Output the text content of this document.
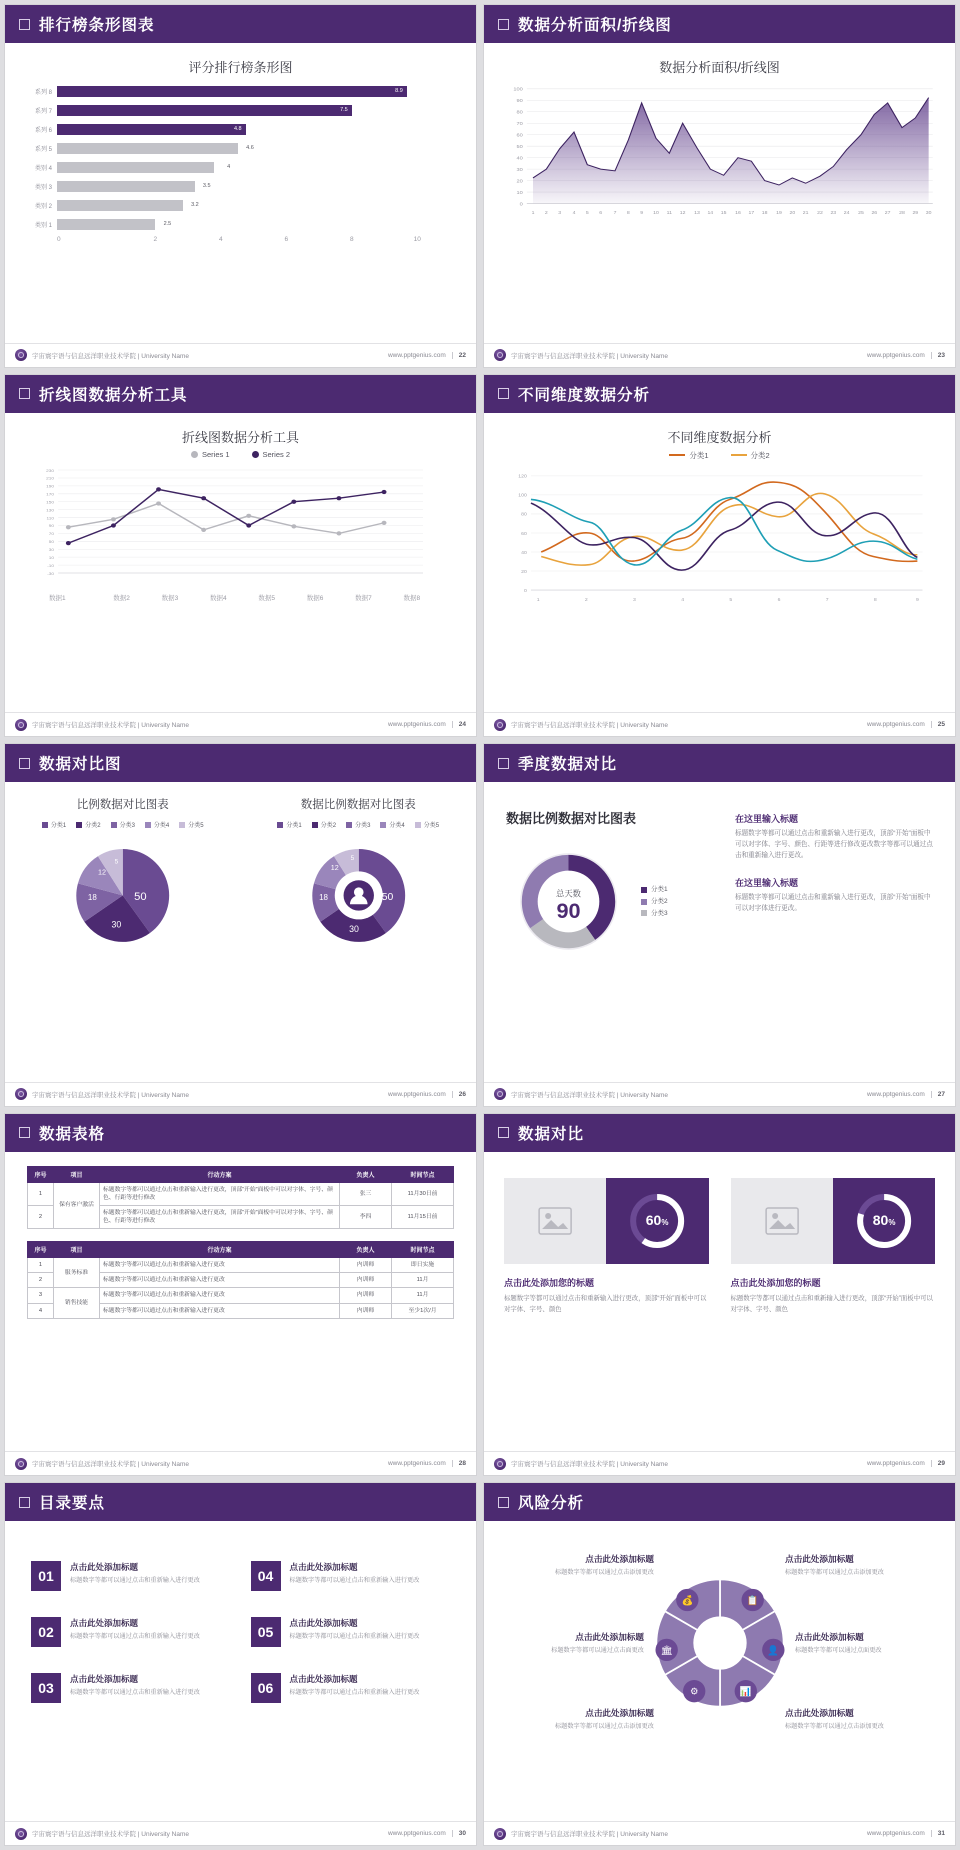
排行榜条形图表
评分排行榜条形图
系列 8	8.9
系列 7	7.5
系列 6	4.8
系列 5	4.6
类别 4	4
类别 3	3.5
类别 2	3.2
类别 1	2.5
0	2	4	6	8	10
宇宙寰宇语与信息远洋职业技术学院 | University Name	www.pptgenius.com	22
数据分析面积/折线图
数据分析面积/折线图
100
90
80
70
60
50
40
30
20
10
0
1 2 3 4 5 6 7 8 9 10 11 12 13 14 15 16 17 18 19 20 21 22 23 24 25 26 27 28 29 30
宇宙寰宇语与信息远洋职业技术学院 | University Name	www.pptgenius.com	23
折线图数据分析工具
折线图数据分析工具
Series 1	Series 2
230
210
190
170
150
130
110
90
70
50
30
10
-10
-30
数据1	数据2	数据3	数据4	数据5	数据6	数据7	数据8
宇宙寰宇语与信息远洋职业技术学院 | University Name	www.pptgenius.com	24
不同维度数据分析
不同维度数据分析
分类1	分类2
120
100
80
60
40
20
0
1	2	3	4	5	6	7	8	9
宇宙寰宇语与信息远洋职业技术学院 | University Name	www.pptgenius.com	25
数据对比图
比例数据对比图表
分类1	分类2	分类3	分类4	分类5
50
30
18
12
5
数据比例数据对比图表
分类1	分类2	分类3	分类4	分类5
50
30
18
12
5
宇宙寰宇语与信息远洋职业技术学院 | University Name	www.pptgenius.com	26
季度数据对比
数据比例数据对比图表
总天数
90
分类1
分类2
分类3
在这里输入标题

标题数字等都可以通过点击和重新输入进行更改，顶部“开始”面板中可以对字体、字号、颜色、行距等进行修改更改数字等都可以通过点击和重新输入进行更改。

在这里输入标题

标题数字等都可以通过点击和重新输入进行更改，顶部“开始”面板中可以对字体进行更改。

宇宙寰宇语与信息远洋职业技术学院 | University Name	www.pptgenius.com	27
数据表格
序号	项目	行动方案	负责人	时间节点
1	保有客户激活	标题数字等都可以通过点击和重新输入进行更改，顶部“开始”面板中可以对字体、字号、颜色、行距等进行修改	张三	11月30日前
2		标题数字等都可以通过点击和重新输入进行更改，顶部“开始”面板中可以对字体、字号、颜色、行距等进行修改	李四	11月15日前
序号	项目	行动方案	负责人	时间节点
1	服务标准	标题数字等都可以通过点击和重新输入进行更改	内训师	即日实施
2		标题数字等都可以通过点击和重新输入进行更改	内训师	11月
3	销售技能	标题数字等都可以通过点击和重新输入进行更改	内训师	11月
4		标题数字等都可以通过点击和重新输入进行更改	内训师	至少1次/月
宇宙寰宇语与信息远洋职业技术学院 | University Name	www.pptgenius.com	28
数据对比
60%	80%
点击此处添加您的标题

标题数字等都可以通过点击和重新输入进行更改，顶部“开始”面板中可以对字体、字号、颜色

点击此处添加您的标题

标题数字等都可以通过点击和重新输入进行更改，顶部“开始”面板中可以对字体、字号、颜色

宇宙寰宇语与信息远洋职业技术学院 | University Name	www.pptgenius.com	29
目录要点
01
点击此处添加标题

标题数字等都可以通过点击和重新输入进行更改	04
点击此处添加标题

标题数字等都可以通过点击和重新输入进行更改

02
点击此处添加标题

标题数字等都可以通过点击和重新输入进行更改	05
点击此处添加标题

标题数字等都可以通过点击和重新输入进行更改

03
点击此处添加标题

标题数字等都可以通过点击和重新输入进行更改	06
点击此处添加标题

标题数字等都可以通过点击和重新输入进行更改

宇宙寰宇语与信息远洋职业技术学院 | University Name	www.pptgenius.com	30
风险分析
💰	📋
🏛	👤
⚙	📊
点击此处添加标题

标题数字等都可以通过点击添加更改

点击此处添加标题

标题数字等都可以通过点击添加更改

点击此处添加标题

标题数字等都可以通过点击面更改

点击此处添加标题

标题数字等都可以通过点面更改

点击此处添加标题

标题数字等都可以通过点击添加更改

点击此处添加标题

标题数字等都可以通过点击添加更改

宇宙寰宇语与信息远洋职业技术学院 | University Name	www.pptgenius.com	31
